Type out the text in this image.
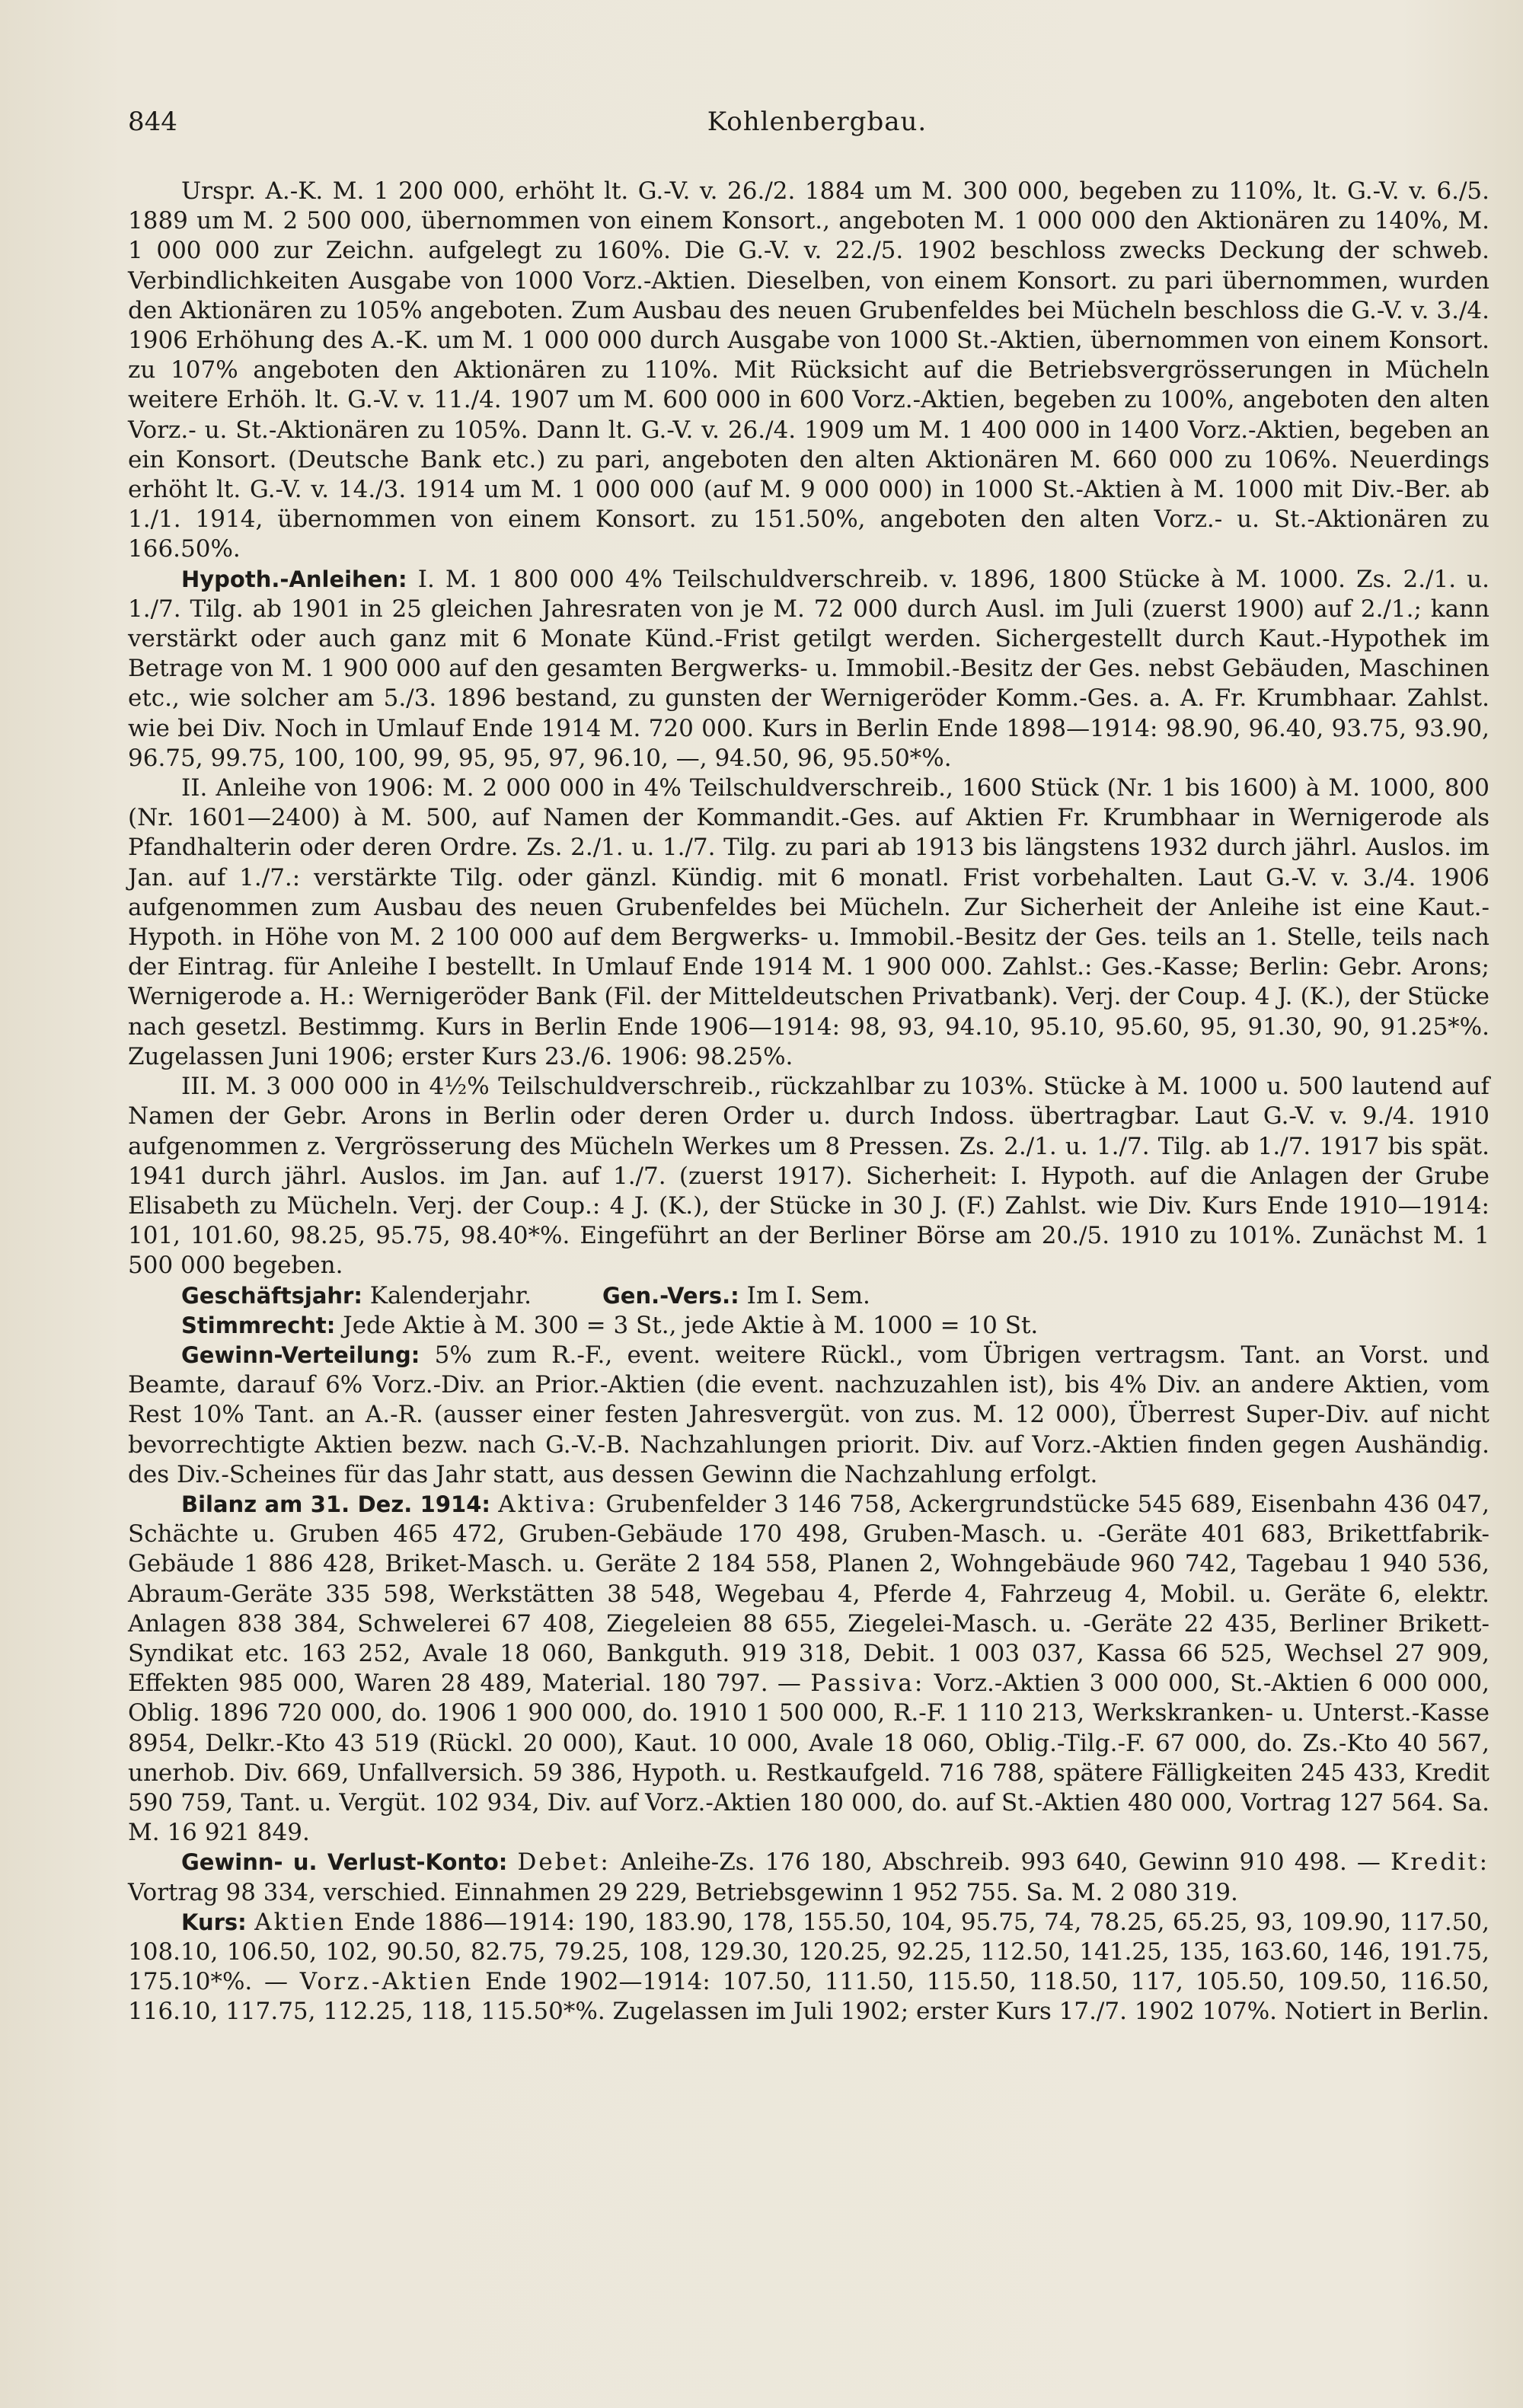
844	Kohlenbergbau.

Urspr. A.-K. M. 1 200 000, erhöht lt. G.-V. v. 26./2. 1884 um M. 300 000, begeben zu 110%, lt. G.-V. v. 6./5. 1889 um M. 2 500 000, übernommen von einem Konsort., angeboten M. 1 000 000 den Aktionären zu 140%, M. 1 000 000 zur Zeichn. aufgelegt zu 160%. Die G.-V. v. 22./5. 1902 beschloss zwecks Deckung der schweb. Verbindlichkeiten Ausgabe von 1000 Vorz.-Aktien. Dieselben, von einem Konsort. zu pari übernommen, wurden den Aktionären zu 105% angeboten. Zum Ausbau des neuen Grubenfeldes bei Mücheln beschloss die G.-V. v. 3./4. 1906 Erhöhung des A.-K. um M. 1 000 000 durch Ausgabe von 1000 St.-Aktien, übernommen von einem Konsort. zu 107% angeboten den Aktionären zu 110%. Mit Rücksicht auf die Betriebsvergrösserungen in Mücheln weitere Erhöh. lt. G.-V. v. 11./4. 1907 um M. 600 000 in 600 Vorz.-Aktien, begeben zu 100%, angeboten den alten Vorz.- u. St.-Aktionären zu 105%. Dann lt. G.-V. v. 26./4. 1909 um M. 1 400 000 in 1400 Vorz.-Aktien, begeben an ein Konsort. (Deutsche Bank etc.) zu pari, angeboten den alten Aktionären M. 660 000 zu 106%. Neuerdings erhöht lt. G.-V. v. 14./3. 1914 um M. 1 000 000 (auf M. 9 000 000) in 1000 St.-Aktien à M. 1000 mit Div.-Ber. ab 1./1. 1914, übernommen von einem Konsort. zu 151.50%, angeboten den alten Vorz.- u. St.-Aktionären zu 166.50%.

Hypoth.-Anleihen: I. M. 1 800 000 4% Teilschuldverschreib. v. 1896, 1800 Stücke à M. 1000. Zs. 2./1. u. 1./7. Tilg. ab 1901 in 25 gleichen Jahresraten von je M. 72 000 durch Ausl. im Juli (zuerst 1900) auf 2./1.; kann verstärkt oder auch ganz mit 6 Monate Künd.-Frist getilgt werden. Sichergestellt durch Kaut.-Hypothek im Betrage von M. 1 900 000 auf den gesamten Bergwerks- u. Immobil.-Besitz der Ges. nebst Gebäuden, Maschinen etc., wie solcher am 5./3. 1896 bestand, zu gunsten der Wernigeröder Komm.-Ges. a. A. Fr. Krumbhaar. Zahlst. wie bei Div. Noch in Umlauf Ende 1914 M. 720 000. Kurs in Berlin Ende 1898—1914: 98.90, 96.40, 93.75, 93.90, 96.75, 99.75, 100, 100, 99, 95, 95, 97, 96.10, —, 94.50, 96, 95.50*%.

II. Anleihe von 1906: M. 2 000 000 in 4% Teilschuldverschreib., 1600 Stück (Nr. 1 bis 1600) à M. 1000, 800 (Nr. 1601—2400) à M. 500, auf Namen der Kommandit.-Ges. auf Aktien Fr. Krumbhaar in Wernigerode als Pfandhalterin oder deren Ordre. Zs. 2./1. u. 1./7. Tilg. zu pari ab 1913 bis längstens 1932 durch jährl. Auslos. im Jan. auf 1./7.: verstärkte Tilg. oder gänzl. Kündig. mit 6 monatl. Frist vorbehalten. Laut G.-V. v. 3./4. 1906 aufgenommen zum Ausbau des neuen Grubenfeldes bei Mücheln. Zur Sicherheit der Anleihe ist eine Kaut.-Hypoth. in Höhe von M. 2 100 000 auf dem Bergwerks- u. Immobil.-Besitz der Ges. teils an 1. Stelle, teils nach der Eintrag. für Anleihe I bestellt. In Umlauf Ende 1914 M. 1 900 000. Zahlst.: Ges.-Kasse; Berlin: Gebr. Arons; Wernigerode a. H.: Wernigeröder Bank (Fil. der Mitteldeutschen Privatbank). Verj. der Coup. 4 J. (K.), der Stücke nach gesetzl. Bestimmg. Kurs in Berlin Ende 1906—1914: 98, 93, 94.10, 95.10, 95.60, 95, 91.30, 90, 91.25*%. Zugelassen Juni 1906; erster Kurs 23./6. 1906: 98.25%.

III. M. 3 000 000 in 4½% Teilschuldverschreib., rückzahlbar zu 103%. Stücke à M. 1000 u. 500 lautend auf Namen der Gebr. Arons in Berlin oder deren Order u. durch Indoss. übertragbar. Laut G.-V. v. 9./4. 1910 aufgenommen z. Vergrösserung des Mücheln Werkes um 8 Pressen. Zs. 2./1. u. 1./7. Tilg. ab 1./7. 1917 bis spät. 1941 durch jährl. Auslos. im Jan. auf 1./7. (zuerst 1917). Sicherheit: I. Hypoth. auf die Anlagen der Grube Elisabeth zu Mücheln. Verj. der Coup.: 4 J. (K.), der Stücke in 30 J. (F.) Zahlst. wie Div. Kurs Ende 1910—1914: 101, 101.60, 98.25, 95.75, 98.40*%. Eingeführt an der Berliner Börse am 20./5. 1910 zu 101%. Zunächst M. 1 500 000 begeben.

Geschäftsjahr: Kalenderjahr.   	Gen.-Vers.: Im I. Sem.

Stimmrecht: Jede Aktie à M. 300 = 3 St., jede Aktie à M. 1000 = 10 St.

Gewinn-Verteilung: 5% zum R.-F., event. weitere Rückl., vom Übrigen vertragsm. Tant. an Vorst. und Beamte, darauf 6% Vorz.-Div. an Prior.-Aktien (die event. nachzuzahlen ist), bis 4% Div. an andere Aktien, vom Rest 10% Tant. an A.-R. (ausser einer festen Jahresvergüt. von zus. M. 12 000), Überrest Super-Div. auf nicht bevorrechtigte Aktien bezw. nach G.-V.-B. Nachzahlungen priorit. Div. auf Vorz.-Aktien finden gegen Aushändig. des Div.-Scheines für das Jahr statt, aus dessen Gewinn die Nachzahlung erfolgt.

Bilanz am 31. Dez. 1914: Aktiva: Grubenfelder 3 146 758, Ackergrundstücke 545 689, Eisenbahn 436 047, Schächte u. Gruben 465 472, Gruben-Gebäude 170 498, Gruben-Masch. u. -Geräte 401 683, Brikettfabrik-Gebäude 1 886 428, Briket-Masch. u. Geräte 2 184 558, Planen 2, Wohngebäude 960 742, Tagebau 1 940 536, Abraum-Geräte 335 598, Werkstätten 38 548, Wegebau 4, Pferde 4, Fahrzeug 4, Mobil. u. Geräte 6, elektr. Anlagen 838 384, Schwelerei 67 408, Ziegeleien 88 655, Ziegelei-Masch. u. -Geräte 22 435, Berliner Brikett-Syndikat etc. 163 252, Avale 18 060, Bankguth. 919 318, Debit. 1 003 037, Kassa 66 525, Wechsel 27 909, Effekten 985 000, Waren 28 489, Material. 180 797. — Passiva: Vorz.-Aktien 3 000 000, St.-Aktien 6 000 000, Oblig. 1896 720 000, do. 1906 1 900 000, do. 1910 1 500 000, R.-F. 1 110 213, Werkskranken- u. Unterst.-Kasse 8954, Delkr.-Kto 43 519 (Rückl. 20 000), Kaut. 10 000, Avale 18 060, Oblig.-Tilg.-F. 67 000, do. Zs.-Kto 40 567, unerhob. Div. 669, Unfallversich. 59 386, Hypoth. u. Restkaufgeld. 716 788, spätere Fälligkeiten 245 433, Kredit 590 759, Tant. u. Vergüt. 102 934, Div. auf Vorz.-Aktien 180 000, do. auf St.-Aktien 480 000, Vortrag 127 564. Sa. M. 16 921 849.

Gewinn- u. Verlust-Konto: Debet: Anleihe-Zs. 176 180, Abschreib. 993 640, Gewinn 910 498. — Kredit: Vortrag 98 334, verschied. Einnahmen 29 229, Betriebsgewinn 1 952 755. Sa. M. 2 080 319.

Kurs: Aktien Ende 1886—1914: 190, 183.90, 178, 155.50, 104, 95.75, 74, 78.25, 65.25, 93, 109.90, 117.50, 108.10, 106.50, 102, 90.50, 82.75, 79.25, 108, 129.30, 120.25, 92.25, 112.50, 141.25, 135, 163.60, 146, 191.75, 175.10*%. — Vorz.-Aktien Ende 1902—1914: 107.50, 111.50, 115.50, 118.50, 117, 105.50, 109.50, 116.50, 116.10, 117.75, 112.25, 118, 115.50*%. Zugelassen im Juli 1902; erster Kurs 17./7. 1902 107%. Notiert in Berlin.
